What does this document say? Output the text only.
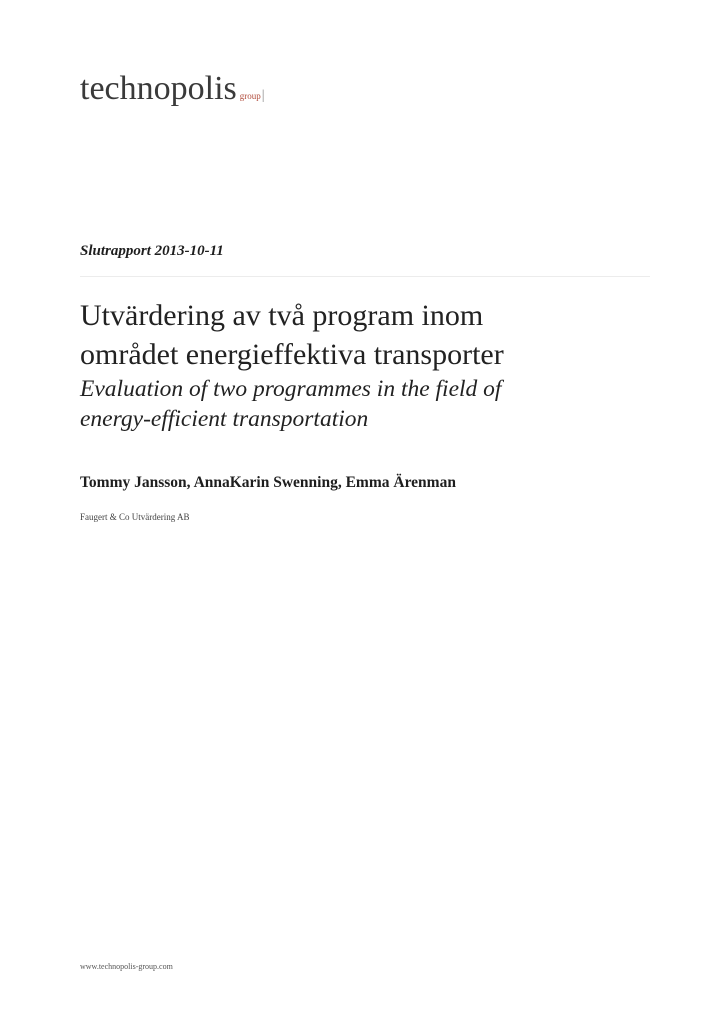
technopolis group |
Slutrapport 2013-10-11
Utvärdering av två program inom
området energieffektiva transporter
Evaluation of two programmes in the field of
energy-efficient transportation
Tommy Jansson, AnnaKarin Swenning, Emma Ärenman
Faugert & Co Utvärdering AB
www.technopolis-group.com
